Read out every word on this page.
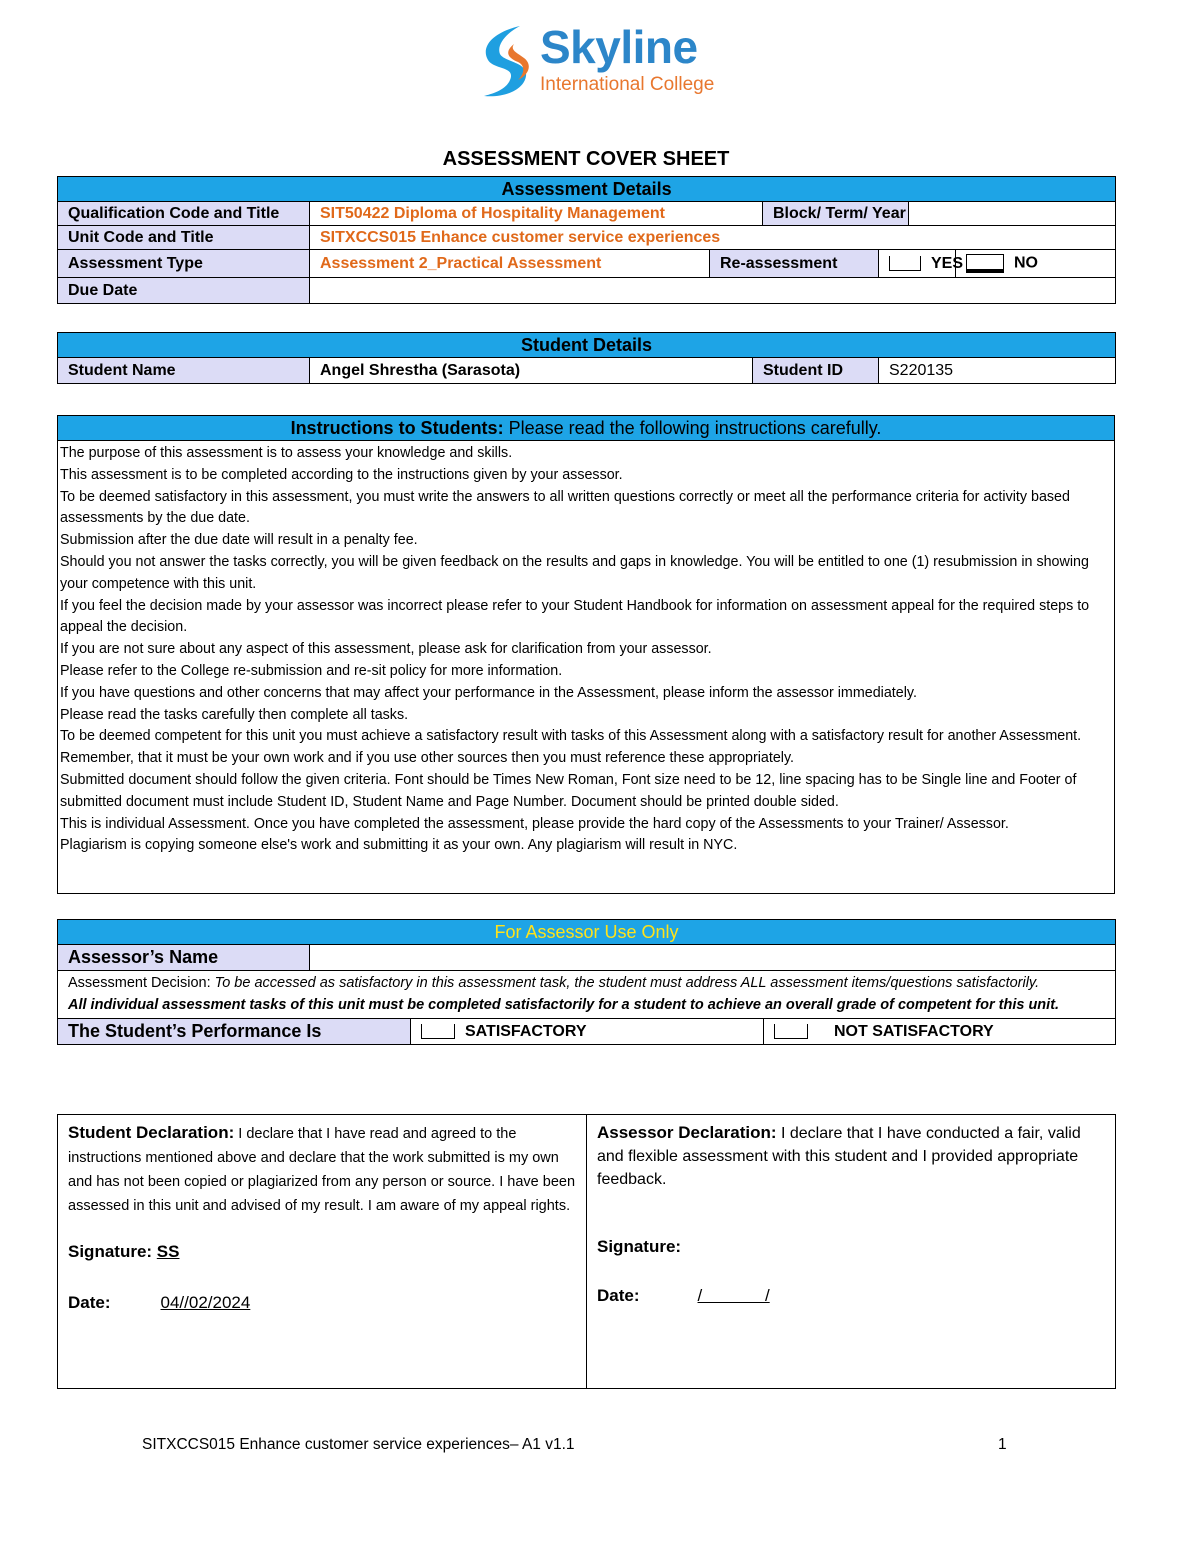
Skyline
International College
ASSESSMENT COVER SHEET
Assessment Details						
Qualification Code and Title	SIT50422 Diploma of Hospitality Management		Block/ Term/ Year			
Unit Code and Title	SITXCCS015 Enhance customer service experiences					
Assessment Type	Assessment 2_Practical Assessment	Re-assessment		YES		NO
Due Date						
Student Details
Student Name	Angel Shrestha (Sarasota)	Student ID	S220135
Instructions to Students: Please read the following instructions carefully.

The purpose of this assessment is to assess your knowledge and skills.
This assessment is to be completed according to the instructions given by your assessor.
To be deemed satisfactory in this assessment, you must write the answers to all written questions correctly or meet all the performance criteria for activity based assessments by the due date.
Submission after the due date will result in a penalty fee.
Should you not answer the tasks correctly, you will be given feedback on the results and gaps in knowledge. You will be entitled to one (1) resubmission in showing your competence with this unit.
If you feel the decision made by your assessor was incorrect please refer to your Student Handbook for information on assessment appeal for the required steps to appeal the decision.
If you are not sure about any aspect of this assessment, please ask for clarification from your assessor.
Please refer to the College re-submission and re-sit policy for more information.
If you have questions and other concerns that may affect your performance in the Assessment, please inform the assessor immediately.
Please read the tasks carefully then complete all tasks.
To be deemed competent for this unit you must achieve a satisfactory result with tasks of this Assessment along with a satisfactory result for another Assessment.
Remember, that it must be your own work and if you use other sources then you must reference these appropriately.
Submitted document should follow the given criteria. Font should be Times New Roman, Font size need to be 12, line spacing has to be Single line and Footer of submitted document must include Student ID, Student Name and Page Number. Document should be printed double sided.
This is individual Assessment. Once you have completed the assessment, please provide the hard copy of the Assessments to your Trainer/ Assessor.
Plagiarism is copying someone else's work and submitting it as your own. Any plagiarism will result in NYC.
For Assessor Use Only			
Assessor’s Name			
Assessment Decision: To be accessed as satisfactory in this assessment task, the student must address ALL assessment items/questions satisfactorily.
All individual assessment tasks of this unit must be completed satisfactorily for a student to achieve an overall grade of competent for this unit.			
The Student’s Performance Is		SATISFACTORY	NOT SATISFACTORY
Student Declaration: I declare that I have read and agreed to the instructions mentioned above and declare that the work submitted is my own and has not been copied or plagiarized from any person or source. I have been assessed in this unit and advised of my result. I am aware of my appeal rights.
Signature: SS
Date:	04//02/2024

Assessor Declaration: I declare that I have conducted a fair, valid and flexible assessment with this student and I provided appropriate feedback.
Signature:
Date:	/ /
SITXCCS015 Enhance customer service experiences– A1 v1.1	1
